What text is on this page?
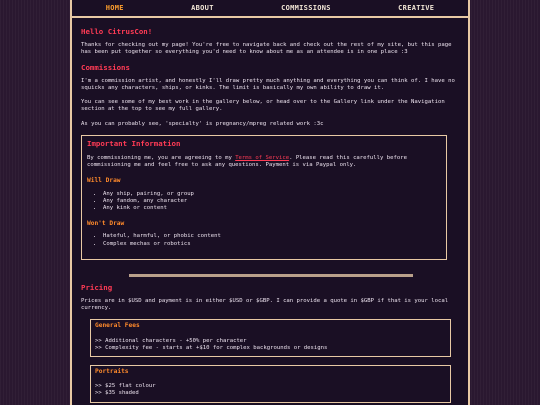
HOME	ABOUT	COMMISSIONS	CREATIVE
Hello CitrusCon!

Thanks for checking out my page! You're free to navigate back and check out the rest of my site, but this page has been put together so everything you'd need to know about me as an attendee is in one place :3

Commissions

I'm a commission artist, and honestly I'll draw pretty much anything and everything you can think of. I have no squicks any characters, ships, or kinks. The limit is basically my own ability to draw it.

You can see some of my best work in the gallery below, or head over to the Gallery link under the Navigation section at the top to see my full gallery.

As you can probably see, 'specialty' is pregnancy/mpreg related work :3c

Important Information

By commissioning me, you are agreeing to my Terms of Service. Please read this carefully before commissioning me and feel free to ask any questions. Payment is via Paypal only.

Will Draw
• Any ship, pairing, or group
• Any fandom, any character
• Any kink or content
Won't Draw
• Hateful, harmful, or phobic content
• Complex mechas or robotics
Pricing

Prices are in $USD and payment is in either $USD or $GBP. I can provide a quote in $GBP if that is your local currency.

General Fees
>> Additional characters - +50% per character
>> Complexity fee - starts at +$10 for complex backgrounds or designs
Portraits
>> $25 flat colour
>> $35 shaded
